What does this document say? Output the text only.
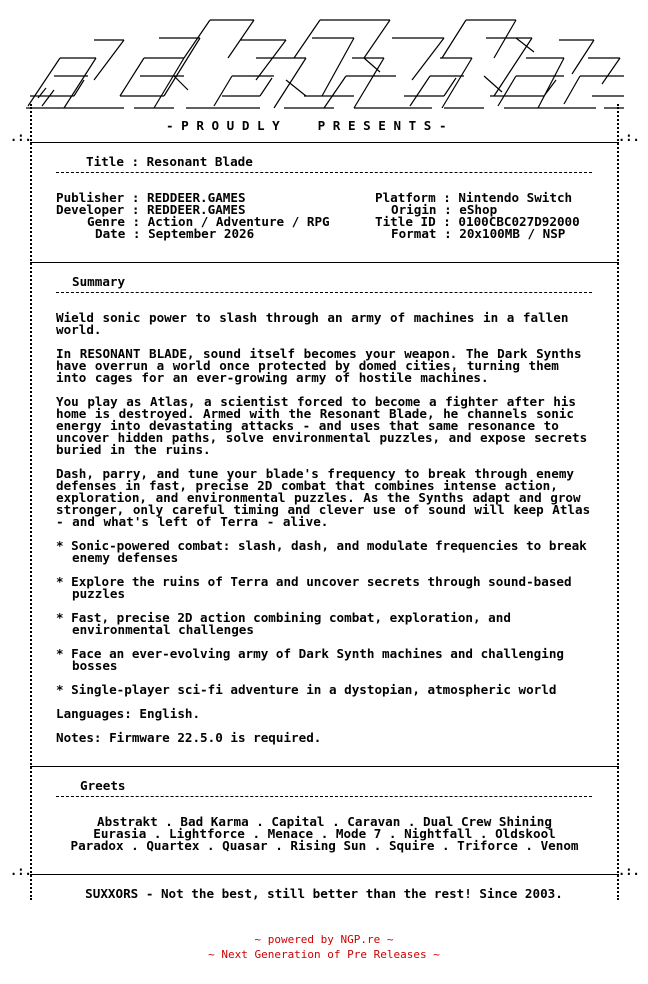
.:.	.:.
.:.	.:.
- P R O U D L Y     P R E S E N T S -
Title : Resonant Blade
Publisher : REDDEER.GAMES
Developer : REDDEER.GAMES
Genre : Action / Adventure / RPG
Date : September 2026
Platform : Nintendo Switch
Origin : eShop
Title ID : 0100CBC027D92000
Format : 20x100MB / NSP
Summary
Wield sonic power to slash through an army of machines in a fallen world.
In RESONANT BLADE, sound itself becomes your weapon. The Dark Synths have overrun a world once protected by domed cities, turning them into cages for an ever-growing army of hostile machines.
You play as Atlas, a scientist forced to become a fighter after his home is destroyed. Armed with the Resonant Blade, he channels sonic energy into devastating attacks - and uses that same resonance to uncover hidden paths, solve environmental puzzles, and expose secrets buried in the ruins.
Dash, parry, and tune your blade's frequency to break through enemy defenses in fast, precise 2D combat that combines intense action, exploration, and environmental puzzles. As the Synths adapt and grow stronger, only careful timing and clever use of sound will keep Atlas - and what's left of Terra - alive.
* Sonic-powered combat: slash, dash, and modulate frequencies to break enemy defenses
* Explore the ruins of Terra and uncover secrets through sound-based puzzles
* Fast, precise 2D action combining combat, exploration, and environmental challenges
* Face an ever-evolving army of Dark Synth machines and challenging bosses
* Single-player sci-fi adventure in a dystopian, atmospheric world
Languages: English.
Notes: Firmware 22.5.0 is required.
Greets
Abstrakt . Bad Karma . Capital . Caravan . Dual Crew Shining
Eurasia . Lightforce . Menace . Mode 7 . Nightfall . Oldskool
Paradox . Quartex . Quasar . Rising Sun . Squire . Triforce . Venom
SUXXORS - Not the best, still better than the rest! Since 2003.
~ powered by NGP.re ~
~ Next Generation of Pre Releases ~
